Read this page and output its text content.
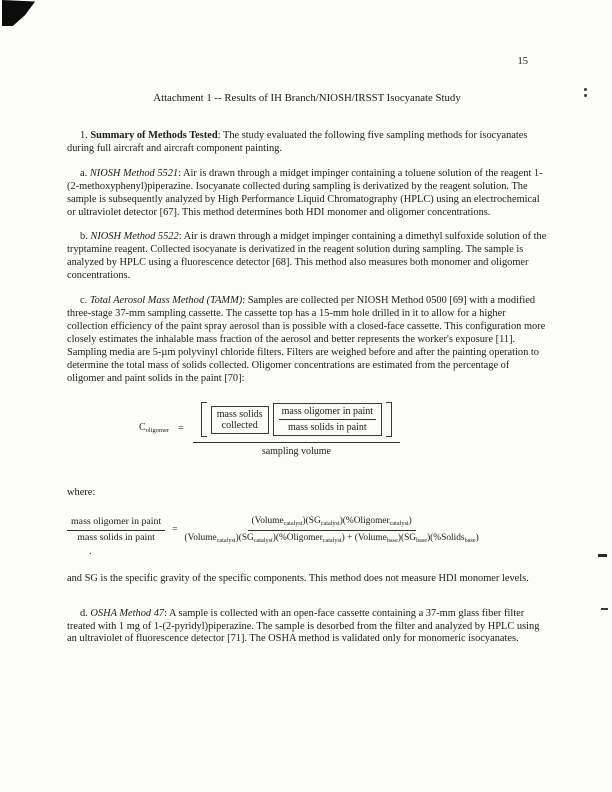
15
Attachment 1 -- Results of IH Branch/NIOSH/IRSST Isocyanate Study

1. Summary of Methods Tested: The study evaluated the following five sampling methods for isocyanates during full aircraft and aircraft component painting.

a. NIOSH Method 5521: Air is drawn through a midget impinger containing a toluene solution of the reagent 1-(2-methoxyphenyl)piperazine. Isocyanate collected during sampling is derivatized by the reagent solution. The sample is subsequently analyzed by High Performance Liquid Chromatography (HPLC) using an electrochemical or ultraviolet detector [67]. This method determines both HDI monomer and oligomer concentrations.

b. NIOSH Method 5522: Air is drawn through a midget impinger containing a dimethyl sulfoxide solution of the tryptamine reagent. Collected isocyanate is derivatized in the reagent solution during sampling. The sample is analyzed by HPLC using a fluorescence detector [68]. This method also measures both monomer and oligomer concentrations.

c. Total Aerosol Mass Method (TAMM): Samples are collected per NIOSH Method 0500 [69] with a modified three-stage 37-mm sampling cassette. The cassette top has a 15-mm hole drilled in it to allow for a higher collection efficiency of the paint spray aerosol than is possible with a closed-face cassette. This configuration more closely estimates the inhalable mass fraction of the aerosol and better represents the worker's exposure [11]. Sampling media are 5-µm polyvinyl chloride filters. Filters are weighed before and after the painting operation to determine the total mass of solids collected. Oligomer concentrations are estimated from the percentage of oligomer and paint solids in the paint [70]:

$C_{oligomer}$ =
mass solids
collected
mass oligomer in paint
mass solids in paint
sampling volume

where:

mass oligomer in paint
mass solids in paint
=
$(Volume_{catalyst})(SG_{catalyst})(\%Oligomer_{catalyst})$
$(Volume_{catalyst})(SG_{catalyst})(\%Oligomer_{catalyst})$ + $(Volume_{base})(SG_{base})(\%Solids_{base})$
.

and SG is the specific gravity of the specific components. This method does not measure HDI monomer levels.

d. OSHA Method 47: A sample is collected with an open-face cassette containing a 37-mm glass fiber filter treated with 1 mg of 1-(2-pyridyl)piperazine. The sample is desorbed from the filter and analyzed by HPLC using an ultraviolet of fluorescence detector [71]. The OSHA method is validated only for monomeric isocyanates.
